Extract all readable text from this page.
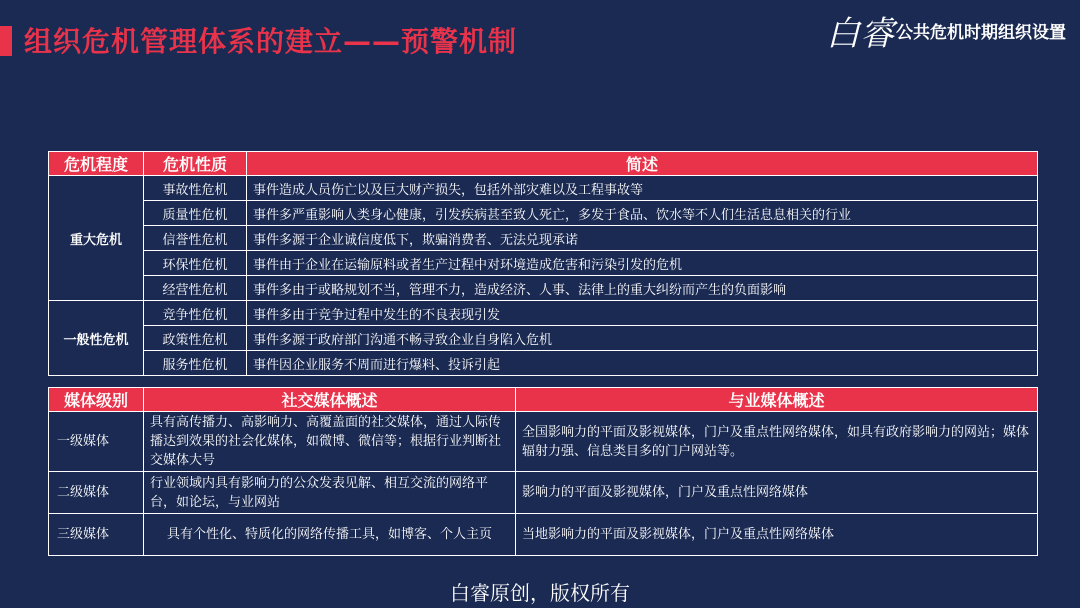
组织危机管理体系的建立——预警机制	白睿 公共危机时期组织设置
危机程度	危机性质	简述
重大危机	事故性危机	事件造成人员伤亡以及巨大财产损失，包括外部灾难以及工程事故等
	质量性危机	事件多严重影响人类身心健康，引发疾病甚至致人死亡，多发于食品、饮水等不人们生活息息相关的行业
	信誉性危机	事件多源于企业诚信度低下，欺骗消费者、无法兑现承诺
	环保性危机	事件由于企业在运输原料或者生产过程中对环境造成危害和污染引发的危机
	经营性危机	事件多由于或略规划不当，管理不力，造成经济、人事、法律上的重大纠纷而产生的负面影响
一般性危机	竞争性危机	事件多由于竞争过程中发生的不良表现引发
	政策性危机	事件多源于政府部门沟通不畅寻致企业自身陷入危机
	服务性危机	事件因企业服务不周而进行爆料、投诉引起
媒体级别	社交媒体概述	与业媒体概述
一级媒体	具有高传播力、高影响力、高覆盖面的社交媒体，通过人际传播达到效果的社会化媒体，如微博、微信等；根据行业判断社交媒体大号	全国影响力的平面及影视媒体，门户及重点性网络媒体，如具有政府影响力的网站；媒体辐射力强、信息类目多的门户网站等。
二级媒体	行业领域内具有影响力的公众发表见解、相互交流的网络平台，如论坛，与业网站	影响力的平面及影视媒体，门户及重点性网络媒体
三级媒体	具有个性化、特质化的网络传播工具，如博客、个人主页	当地影响力的平面及影视媒体，门户及重点性网络媒体
白睿原创，版权所有
